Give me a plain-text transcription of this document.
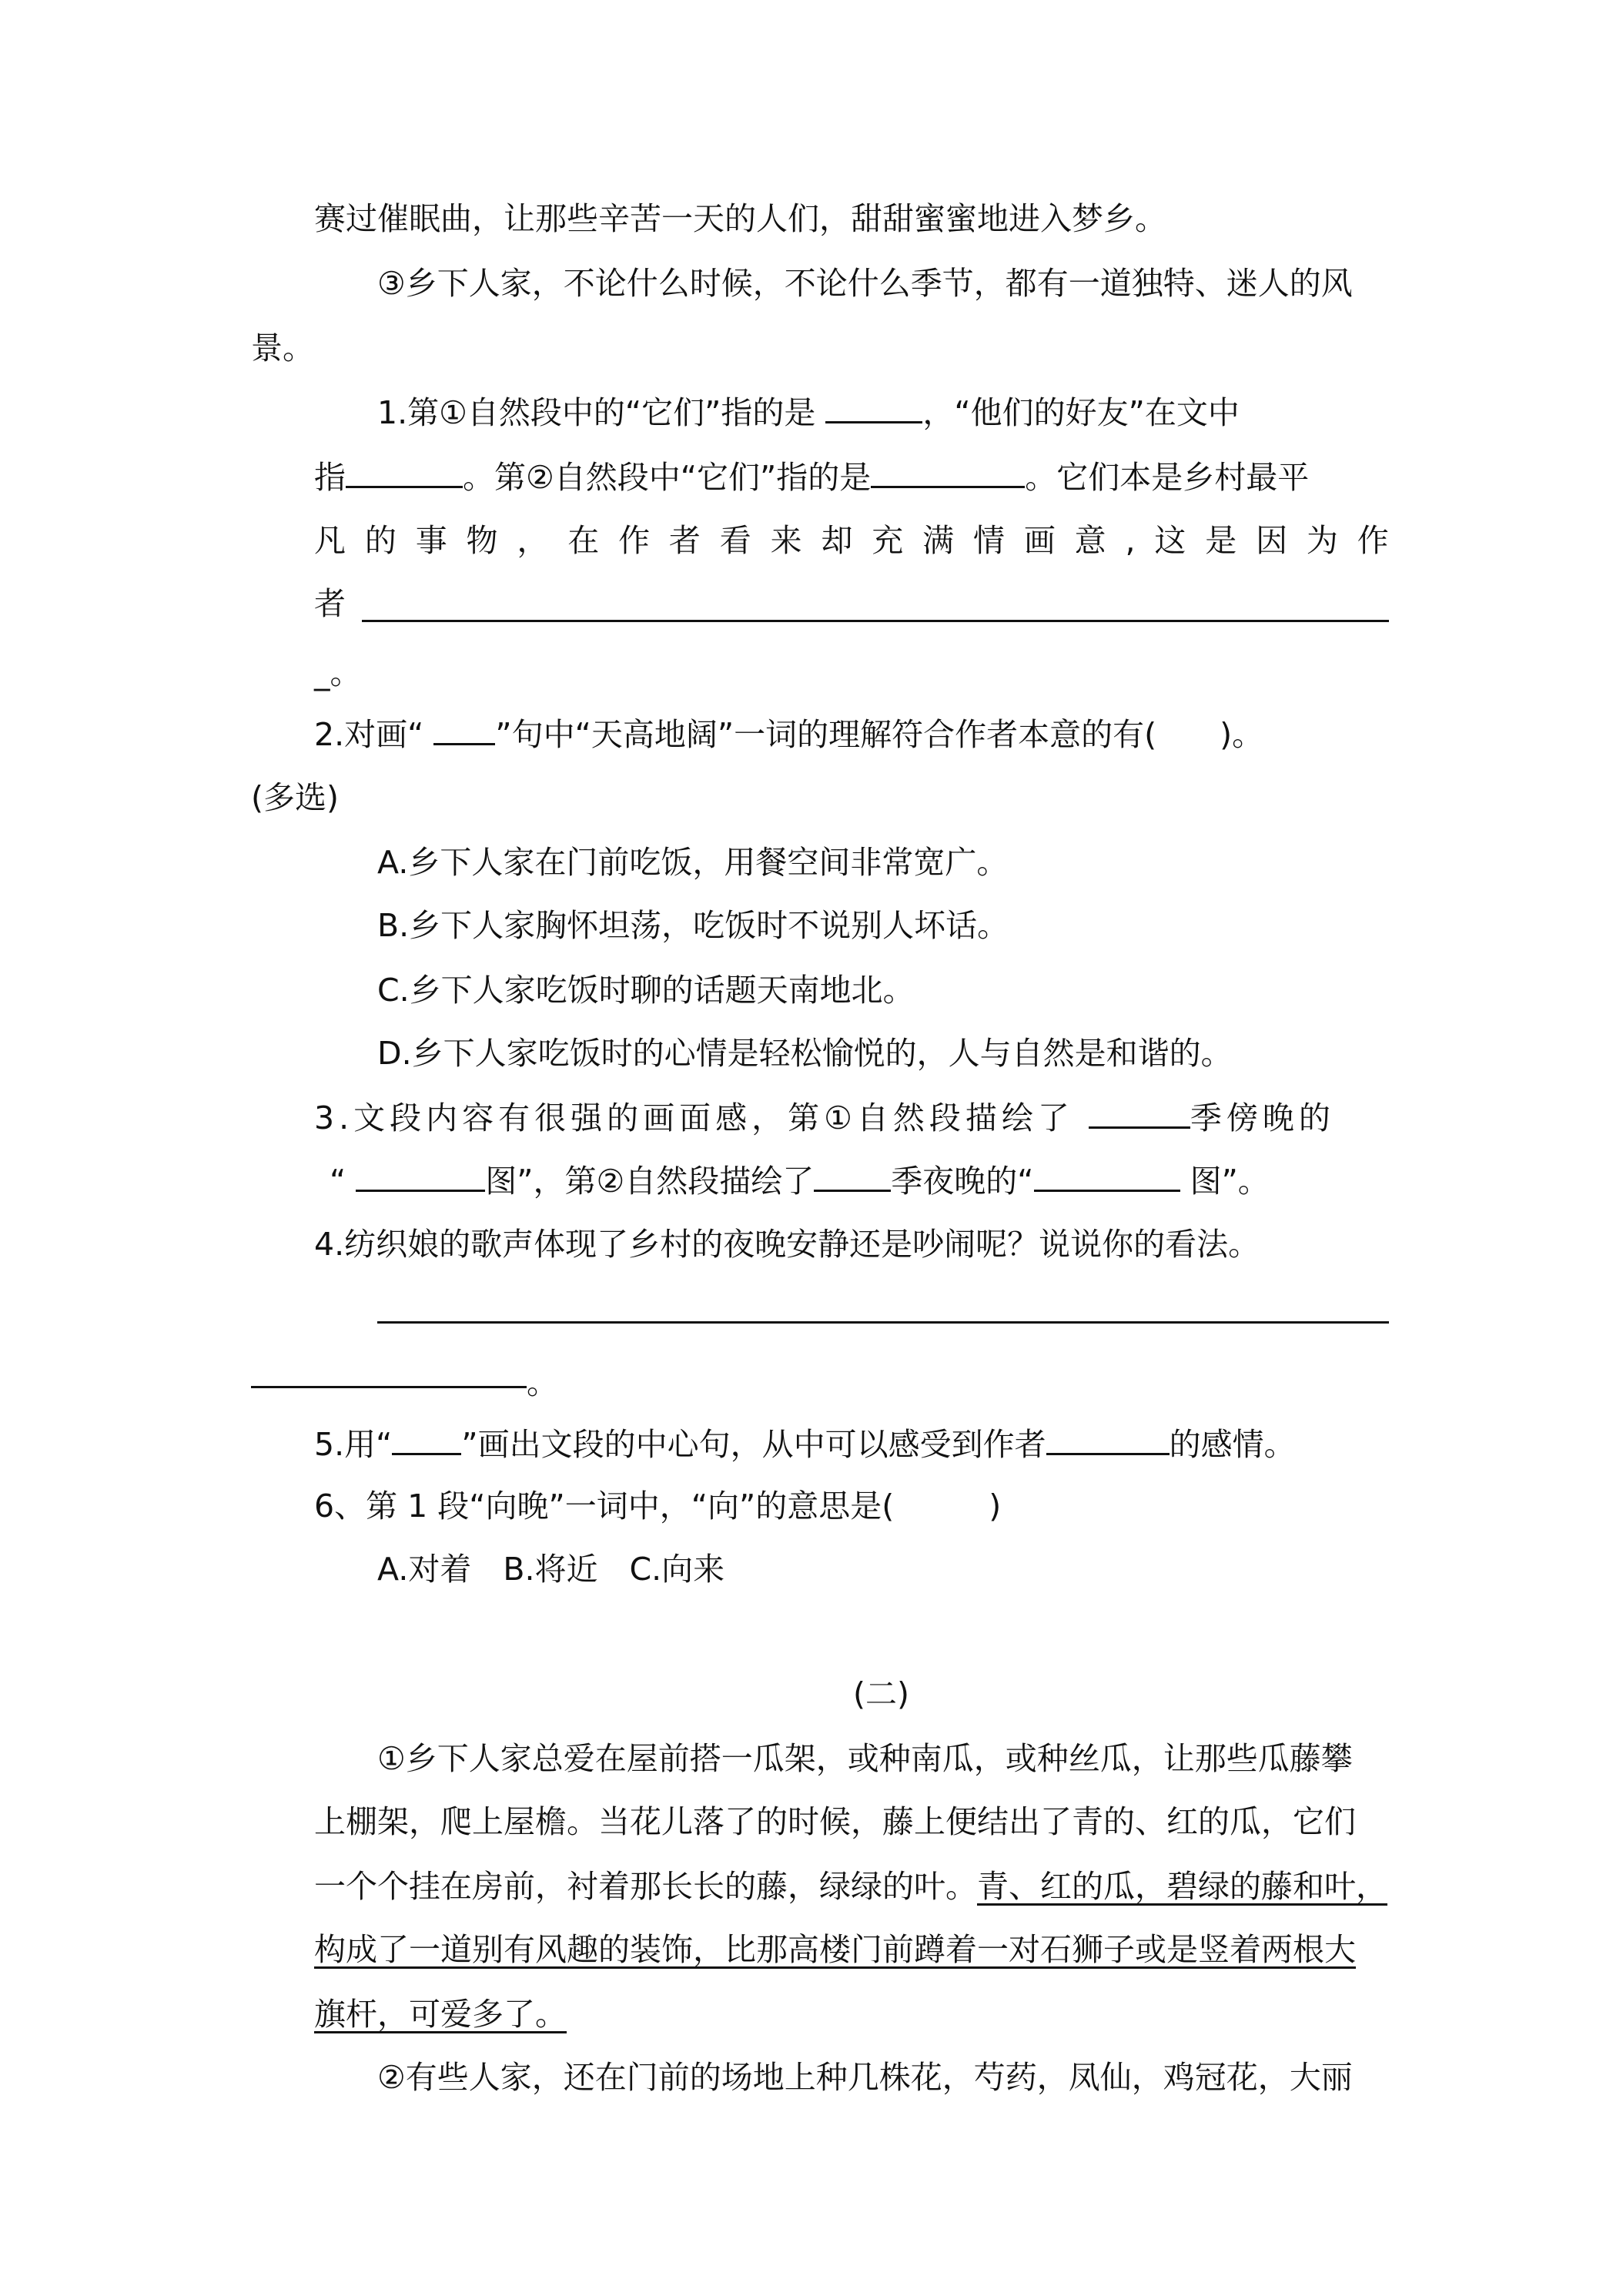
赛过催眠曲，让那些辛苦一天的人们，甜甜蜜蜜地进入梦乡。
③乡下人家，不论什么时候，不论什么季节，都有一道独特、迷人的风
景。
1.第①自然段中的“它们”指的是	，“他们的好友”在文中
指	。第②自然段中“它们”指的是	。它们本是乡村最平
凡 的 事 物 ， 在 作 者 看 来 却 充 满 情 画 意 , 这 是 因 为 作
者
_。
2.对画“ ”句中“天高地阔”一词的理解符合作者本意的有(　　)。
(多选)
A.乡下人家在门前吃饭，用餐空间非常宽广。
B.乡下人家胸怀坦荡，吃饭时不说别人坏话。
C.乡下人家吃饭时聊的话题天南地北。
D.乡下人家吃饭时的心情是轻松愉悦的，人与自然是和谐的。
3.文段内容有很强的画面感，第①自然段描绘了	季傍晚的
“	图”，第②自然段描绘了 季夜晚的“	图”。
4.纺织娘的歌声体现了乡村的夜晚安静还是吵闹呢？说说你的看法。
。
5.用“ ”画出文段的中心句，从中可以感受到作者	的感情。
6、第 1 段“向晚”一词中，“向”的意思是(　　　)
A.对着　B.将近　C.向来
(二)
①乡下人家总爱在屋前搭一瓜架，或种南瓜，或种丝瓜，让那些瓜藤攀
上棚架，爬上屋檐。当花儿落了的时候，藤上便结出了青的、红的瓜，它们
一个个挂在房前，衬着那长长的藤，绿绿的叶。青、红的瓜，碧绿的藤和叶，
构成了一道别有风趣的装饰，比那高楼门前蹲着一对石狮子或是竖着两根大
旗杆，可爱多了。
②有些人家，还在门前的场地上种几株花，芍药，凤仙，鸡冠花，大丽
